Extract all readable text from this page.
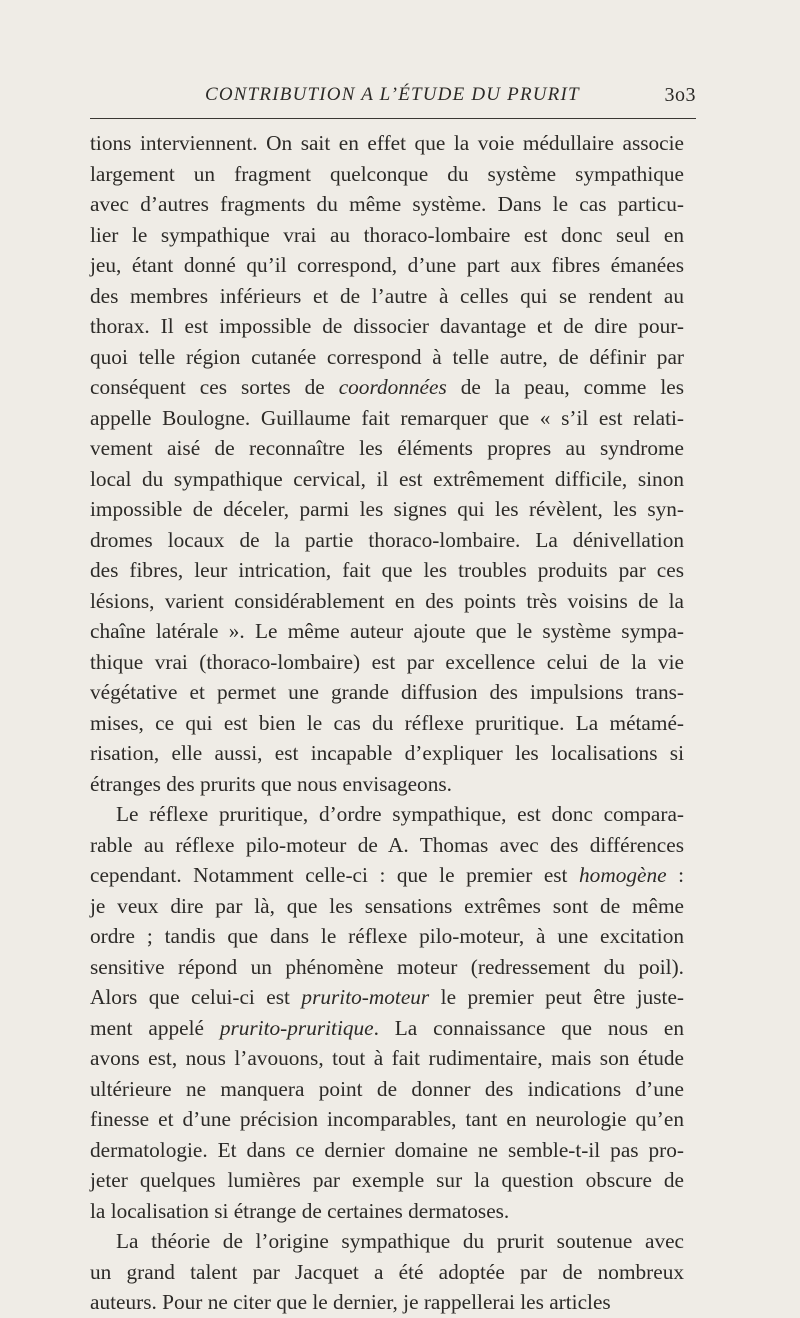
CONTRIBUTION A L’ÉTUDE DU PRURIT	3o3
tions interviennent. On sait en effet que la voie médullaire associe
largement un fragment quelconque du système sympathique
avec d’autres fragments du même système. Dans le cas particu-
lier le sympathique vrai au thoraco-lombaire est donc seul en
jeu, étant donné qu’il correspond, d’une part aux fibres émanées
des membres inférieurs et de l’autre à celles qui se rendent au
thorax. Il est impossible de dissocier davantage et de dire pour-
quoi telle région cutanée correspond à telle autre, de définir par
conséquent ces sortes de coordonnées de la peau, comme les
appelle Boulogne. Guillaume fait remarquer que « s’il est relati-
vement aisé de reconnaître les éléments propres au syndrome
local du sympathique cervical, il est extrêmement difficile, sinon
impossible de déceler, parmi les signes qui les révèlent, les syn-
dromes locaux de la partie thoraco-lombaire. La dénivellation
des fibres, leur intrication, fait que les troubles produits par ces
lésions, varient considérablement en des points très voisins de la
chaîne latérale ». Le même auteur ajoute que le système sympa-
thique vrai (thoraco-lombaire) est par excellence celui de la vie
végétative et permet une grande diffusion des impulsions trans-
mises, ce qui est bien le cas du réflexe pruritique. La métamé-
risation, elle aussi, est incapable d’expliquer les localisations si
étranges des prurits que nous envisageons.
Le réflexe pruritique, d’ordre sympathique, est donc compara-
rable au réflexe pilo-moteur de A. Thomas avec des différences
cependant. Notamment celle-ci : que le premier est homogène :
je veux dire par là, que les sensations extrêmes sont de même
ordre ; tandis que dans le réflexe pilo-moteur, à une excitation
sensitive répond un phénomène moteur (redressement du poil).
Alors que celui-ci est prurito-moteur le premier peut être juste-
ment appelé prurito-pruritique. La connaissance que nous en
avons est, nous l’avouons, tout à fait rudimentaire, mais son étude
ultérieure ne manquera point de donner des indications d’une
finesse et d’une précision incomparables, tant en neurologie qu’en
dermatologie. Et dans ce dernier domaine ne semble-t-il pas pro-
jeter quelques lumières par exemple sur la question obscure de
la localisation si étrange de certaines dermatoses.
La théorie de l’origine sympathique du prurit soutenue avec
un grand talent par Jacquet a été adoptée par de nombreux
auteurs. Pour ne citer que le dernier, je rappellerai les articles
